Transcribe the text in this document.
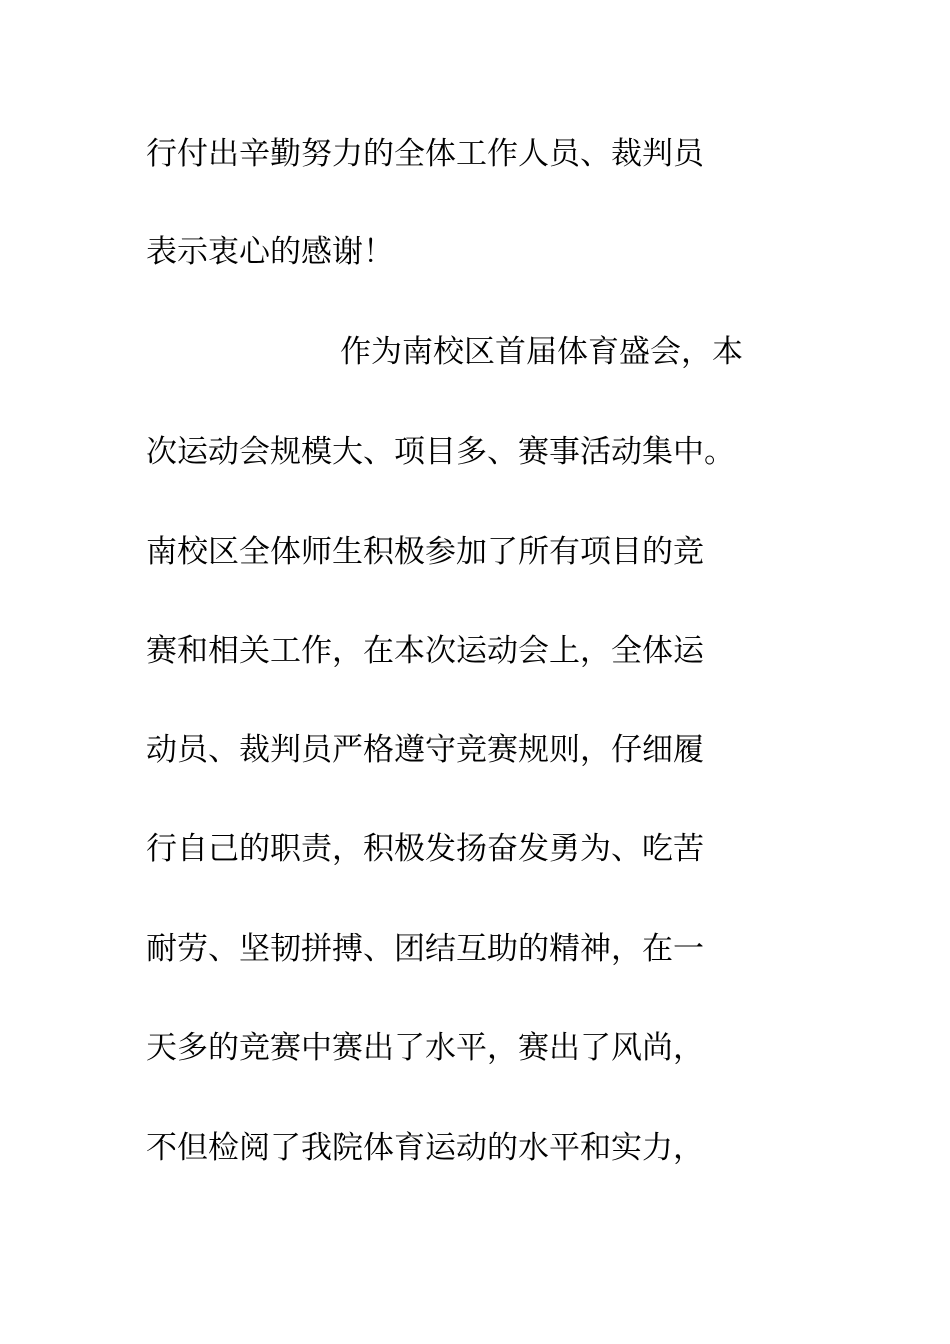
行付出辛勤努力的全体工作人员、裁判员

表示衷心的感谢！

作为南校区首届体育盛会，本

次运动会规模大、项目多、赛事活动集中。

南校区全体师生积极参加了所有项目的竞

赛和相关工作，在本次运动会上，全体运

动员、裁判员严格遵守竞赛规则，仔细履

行自己的职责，积极发扬奋发勇为、吃苦

耐劳、坚韧拼搏、团结互助的精神，在一

天多的竞赛中赛出了水平，赛出了风尚，

不但检阅了我院体育运动的水平和实力，
